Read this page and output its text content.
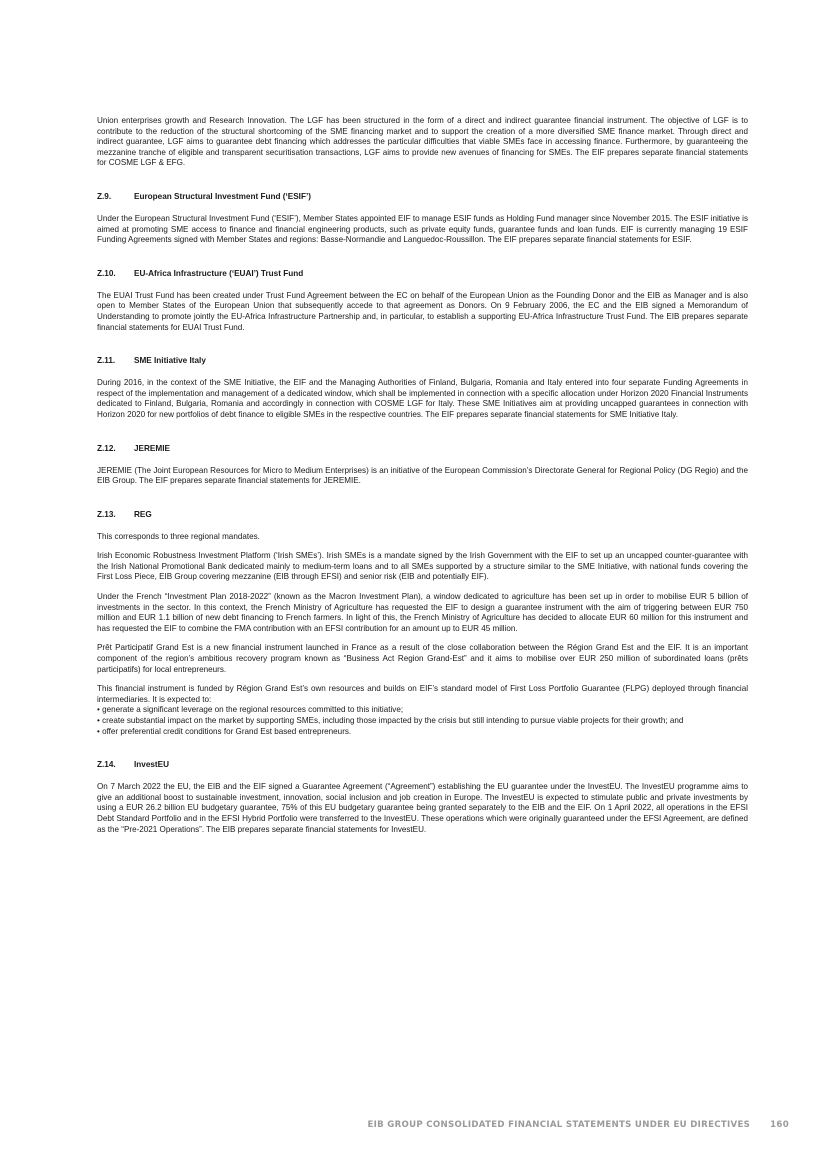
Union enterprises growth and Research Innovation. The LGF has been structured in the form of a direct and indirect guarantee financial instrument. The objective of LGF is to contribute to the reduction of the structural shortcoming of the SME financing market and to support the creation of a more diversified SME finance market. Through direct and indirect guarantee, LGF aims to guarantee debt financing which addresses the particular difficulties that viable SMEs face in accessing finance. Furthermore, by guaranteeing the mezzanine tranche of eligible and transparent securitisation transactions, LGF aims to provide new avenues of financing for SMEs. The EIF prepares separate financial statements for COSME LGF & EFG.

Z.9.	European Structural Investment Fund (‘ESIF’)

Under the European Structural Investment Fund (‘ESIF’), Member States appointed EIF to manage ESIF funds as Holding Fund manager since November 2015. The ESIF initiative is aimed at promoting SME access to finance and financial engineering products, such as private equity funds, guarantee funds and loan funds. EIF is currently managing 19 ESIF Funding Agreements signed with Member States and regions: Basse-Normandie and Languedoc-Roussillon. The EIF prepares separate financial statements for ESIF.

Z.10. EU-Africa Infrastructure (‘EUAI’) Trust Fund

The EUAI Trust Fund has been created under Trust Fund Agreement between the EC on behalf of the European Union as the Founding Donor and the EIB as Manager and is also open to Member States of the European Union that subsequently accede to that agreement as Donors. On 9 February 2006, the EC and the EIB signed a Memorandum of Understanding to promote jointly the EU-Africa Infrastructure Partnership and, in particular, to establish a supporting EU-Africa Infrastructure Trust Fund. The EIB prepares separate financial statements for EUAI Trust Fund.

Z.11. SME Initiative Italy

During 2016, in the context of the SME Initiative, the EIF and the Managing Authorities of Finland, Bulgaria, Romania and Italy entered into four separate Funding Agreements in respect of the implementation and management of a dedicated window, which shall be implemented in connection with a specific allocation under Horizon 2020 Financial Instruments dedicated to Finland, Bulgaria, Romania and accordingly in connection with COSME LGF for Italy. These SME Initiatives aim at providing uncapped guarantees in connection with Horizon 2020 for new portfolios of debt finance to eligible SMEs in the respective countries. The EIF prepares separate financial statements for SME Initiative Italy.

Z.12. JEREMIE

JEREMIE (The Joint European Resources for Micro to Medium Enterprises) is an initiative of the European Commission’s Directorate General for Regional Policy (DG Regio) and the EIB Group. The EIF prepares separate financial statements for JEREMIE.

Z.13. REG

This corresponds to three regional mandates.

Irish Economic Robustness Investment Platform (‘Irish SMEs’). Irish SMEs is a mandate signed by the Irish Government with the EIF to set up an uncapped counter-guarantee with the Irish National Promotional Bank dedicated mainly to medium-term loans and to all SMEs supported by a structure similar to the SME Initiative, with national funds covering the First Loss Piece, EIB Group covering mezzanine (EIB through EFSI) and senior risk (EIB and potentially EIF).

Under the French “Investment Plan 2018-2022” (known as the Macron Investment Plan), a window dedicated to agriculture has been set up in order to mobilise EUR 5 billion of investments in the sector. In this context, the French Ministry of Agriculture has requested the EIF to design a guarantee instrument with the aim of triggering between EUR 750 million and EUR 1.1 billion of new debt financing to French farmers. In light of this, the French Ministry of Agriculture has decided to allocate EUR 60 million for this instrument and has requested the EIF to combine the FMA contribution with an EFSI contribution for an amount up to EUR 45 million.

Prêt Participatif Grand Est is a new financial instrument launched in France as a result of the close collaboration between the Région Grand Est and the EIF. It is an important component of the region’s ambitious recovery program known as “Business Act Region Grand-Est” and it aims to mobilise over EUR 250 million of subordinated loans (prêts participatifs) for local entrepreneurs.

This financial instrument is funded by Région Grand Est’s own resources and builds on EIF’s standard model of First Loss Portfolio Guarantee (FLPG) deployed through financial intermediaries. It is expected to:

• generate a significant leverage on the regional resources committed to this initiative;
• create substantial impact on the market by supporting SMEs, including those impacted by the crisis but still intending to pursue viable projects for their growth; and
• offer preferential credit conditions for Grand Est based entrepreneurs.
Z.14. InvestEU

On 7 March 2022 the EU, the EIB and the EIF signed a Guarantee Agreement (“Agreement”) establishing the EU guarantee under the InvestEU. The InvestEU programme aims to give an additional boost to sustainable investment, innovation, social inclusion and job creation in Europe. The InvestEU is expected to stimulate public and private investments by using a EUR 26.2 billion EU budgetary guarantee, 75% of this EU budgetary guarantee being granted separately to the EIB and the EIF. On 1 April 2022, all operations in the EFSI Debt Standard Portfolio and in the EFSI Hybrid Portfolio were transferred to the InvestEU. These operations which were originally guaranteed under the EFSI Agreement, are defined as the “Pre-2021 Operations”. The EIB prepares separate financial statements for InvestEU.

EIB GROUP CONSOLIDATED FINANCIAL STATEMENTS UNDER EU DIRECTIVES 160
